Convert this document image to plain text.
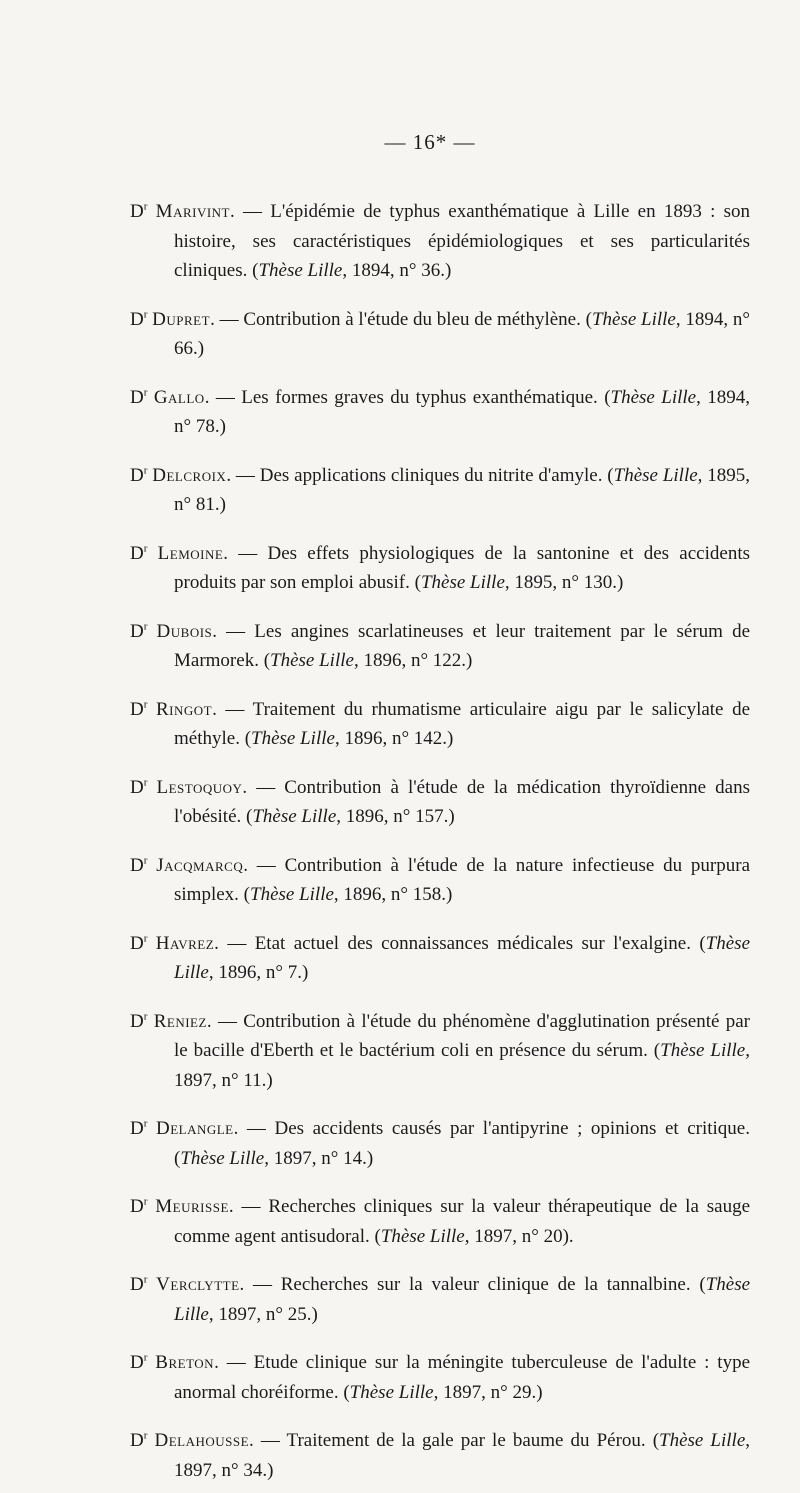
— 16* —

$D^r$ Marivint. — L'épidémie de typhus exanthématique à Lille en 1893 : son histoire, ses caractéristiques épidémiologiques et ses particularités cliniques. (Thèse Lille, 1894, n° 36.)

$D^r$ Dupret. — Contribution à l'étude du bleu de méthylène. (Thèse Lille, 1894, n° 66.)

$D^r$ Gallo. — Les formes graves du typhus exanthématique. (Thèse Lille, 1894, n° 78.)

$D^r$ Delcroix. — Des applications cliniques du nitrite d'amyle. (Thèse Lille, 1895, n° 81.)

$D^r$ Lemoine. — Des effets physiologiques de la santonine et des accidents produits par son emploi abusif. (Thèse Lille, 1895, n° 130.)

$D^r$ Dubois. — Les angines scarlatineuses et leur traitement par le sérum de Marmorek. (Thèse Lille, 1896, n° 122.)

$D^r$ Ringot. — Traitement du rhumatisme articulaire aigu par le salicylate de méthyle. (Thèse Lille, 1896, n° 142.)

$D^r$ Lestoquoy. — Contribution à l'étude de la médication thyroïdienne dans l'obésité. (Thèse Lille, 1896, n° 157.)

$D^r$ Jacqmarcq. — Contribution à l'étude de la nature infectieuse du purpura simplex. (Thèse Lille, 1896, n° 158.)

$D^r$ Havrez. — Etat actuel des connaissances médicales sur l'exalgine. (Thèse Lille, 1896, n° 7.)

$D^r$ Reniez. — Contribution à l'étude du phénomène d'agglutination présenté par le bacille d'Eberth et le bactérium coli en présence du sérum. (Thèse Lille, 1897, n° 11.)

$D^r$ Delangle. — Des accidents causés par l'antipyrine ; opinions et critique. (Thèse Lille, 1897, n° 14.)

$D^r$ Meurisse. — Recherches cliniques sur la valeur thérapeutique de la sauge comme agent antisudoral. (Thèse Lille, 1897, n° 20).

$D^r$ Verclytte. — Recherches sur la valeur clinique de la tannalbine. (Thèse Lille, 1897, n° 25.)

$D^r$ Breton. — Etude clinique sur la méningite tuberculeuse de l'adulte : type anormal choréiforme. (Thèse Lille, 1897, n° 29.)

$D^r$ Delahousse. — Traitement de la gale par le baume du Pérou. (Thèse Lille, 1897, n° 34.)
